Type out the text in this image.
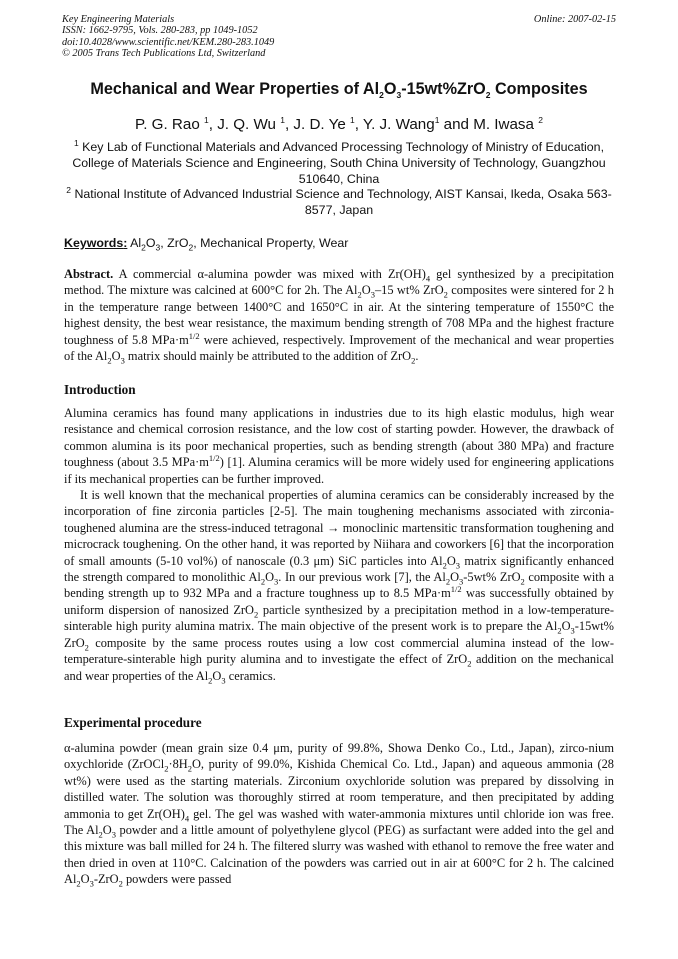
Key Engineering Materials
ISSN: 1662-9795, Vols. 280-283, pp 1049-1052
doi:10.4028/www.scientific.net/KEM.280-283.1049
© 2005 Trans Tech Publications Ltd, Switzerland
Online: 2007-02-15
Mechanical and Wear Properties of $Al_2O_3-15wt\%ZrO_2$ Composites
P. G. Rao $^1$, J. Q. Wu $^1$, J. D. Ye $^1$, Y. J. Wang$^1$ and M. Iwasa $^2$
$^1$ Key Lab of Functional Materials and Advanced Processing Technology of Ministry of Education, College of Materials Science and Engineering, South China University of Technology, Guangzhou 510640, China
$^2$ National Institute of Advanced Industrial Science and Technology, AIST Kansai, Ikeda, Osaka 563-8577, Japan
Keywords: $Al_2O_3$, ZrO$_2$, Mechanical Property, Wear

Abstract. A commercial α-alumina powder was mixed with $Zr(OH)_4$ gel synthesized by a precipitation method. The mixture was calcined at 600°C for 2h. The $Al_2O_3-15$ wt% ZrO$_2$ composites were sintered for 2 h in the temperature range between 1400°C and 1650°C in air. At the sintering temperature of 1550°C the highest density, the best wear resistance, the maximum bending strength of 708 MPa and the highest fracture toughness of 5.8 $MPa\cdot m^{1/2}$ were achieved, respectively. Improvement of the mechanical and wear properties of the $Al_2O_3$ matrix should mainly be attributed to the addition of ZrO$_2$.

Introduction

Alumina ceramics has found many applications in industries due to its high elastic modulus, high wear resistance and chemical corrosion resistance, and the low cost of starting powder. However, the drawback of common alumina is its poor mechanical properties, such as bending strength (about 380 MPa) and fracture toughness (about 3.5 $MPa\cdot m^{1/2}$) [1]. Alumina ceramics will be more widely used for engineering applications if its mechanical properties can be further improved.

It is well known that the mechanical properties of alumina ceramics can be considerably increased by the incorporation of fine zirconia particles [2-5]. The main toughening mechanisms associated with zirconia-toughened alumina are the stress-induced tetragonal → monoclinic martensitic transformation toughening and microcrack toughening. On the other hand, it was reported by Niihara and coworkers [6] that the incorporation of small amounts (5-10 vol%) of nanoscale (0.3 μm) SiC particles into $Al_2O_3$ matrix significantly enhanced the strength compared to monolithic $Al_2O_3$. In our previous work [7], the $Al_2O_3-5wt\%$ ZrO$_2$ composite with a bending strength up to 932 MPa and a fracture toughness up to 8.5 $MPa\cdot m^{1/2}$ was successfully obtained by uniform dispersion of nanosized ZrO$_2$ particle synthesized by a precipitation method in a low-temperature-sinterable high purity alumina matrix. The main objective of the present work is to prepare the $Al_2O_3-15wt\%$ ZrO$_2$ composite by the same process routes using a low cost commercial alumina instead of the low-temperature-sinterable high purity alumina and to investigate the effect of ZrO$_2$ addition on the mechanical and wear properties of the $Al_2O_3$ ceramics.

Experimental procedure

α-alumina powder (mean grain size 0.4 μm, purity of 99.8%, Showa Denko Co., Ltd., Japan), zirco-nium oxychloride ($ZrOCl_2\cdot 8H_2O$, purity of 99.0%, Kishida Chemical Co. Ltd., Japan) and aqueous ammonia (28 wt%) were used as the starting materials. Zirconium oxychloride solution was prepared by dissolving in distilled water. The solution was thoroughly stirred at room temperature, and then precipitated by adding ammonia to get $Zr(OH)_4$ gel. The gel was washed with water-ammonia mixtures until chloride ion was free. The $Al_2O_3$ powder and a little amount of polyethylene glycol (PEG) as surfactant were added into the gel and this mixture was ball milled for 24 h. The filtered slurry was washed with ethanol to remove the free water and then dried in oven at 110°C. Calcination of the powders was carried out in air at 600°C for 2 h. The calcined $Al_2O_3-ZrO_2$ powders were passed
